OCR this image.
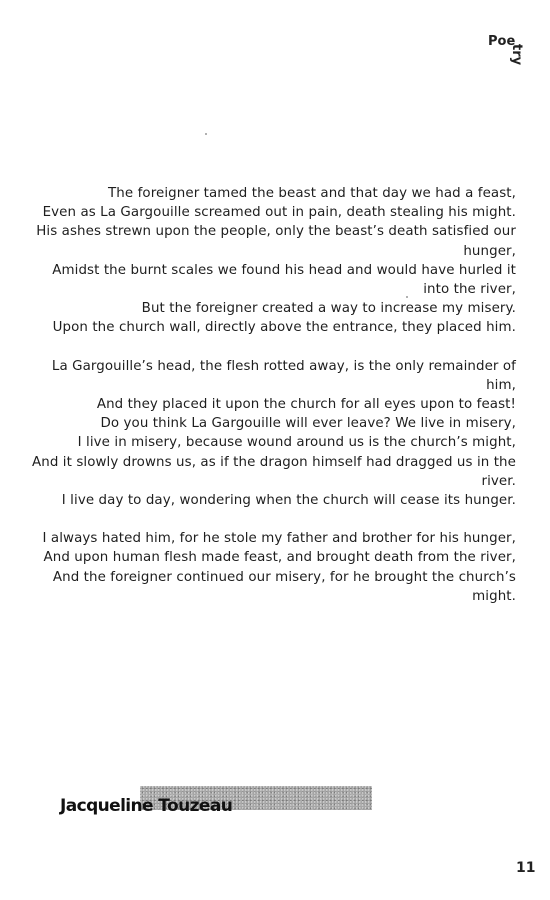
Poe
try
The foreigner tamed the beast and that day we had a feast,
Even as La Gargouille screamed out in pain, death stealing his might.
His ashes strewn upon the people, only the beast’s death satisfied our
hunger,
Amidst the burnt scales we found his head and would have hurled it
into the river,
But the foreigner created a way to increase my misery.
Upon the church wall, directly above the entrance, they placed him.
La Gargouille’s head, the flesh rotted away, is the only remainder of
him,
And they placed it upon the church for all eyes upon to feast!
Do you think La Gargouille will ever leave? We live in misery,
I live in misery, because wound around us is the church’s might,
And it slowly drowns us, as if the dragon himself had dragged us in the
river.
I live day to day, wondering when the church will cease its hunger.
I always hated him, for he stole my father and brother for his hunger,
And upon human flesh made feast, and brought death from the river,
And the foreigner continued our misery, for he brought the church’s
might.
Jacqueline Touzeau
11
